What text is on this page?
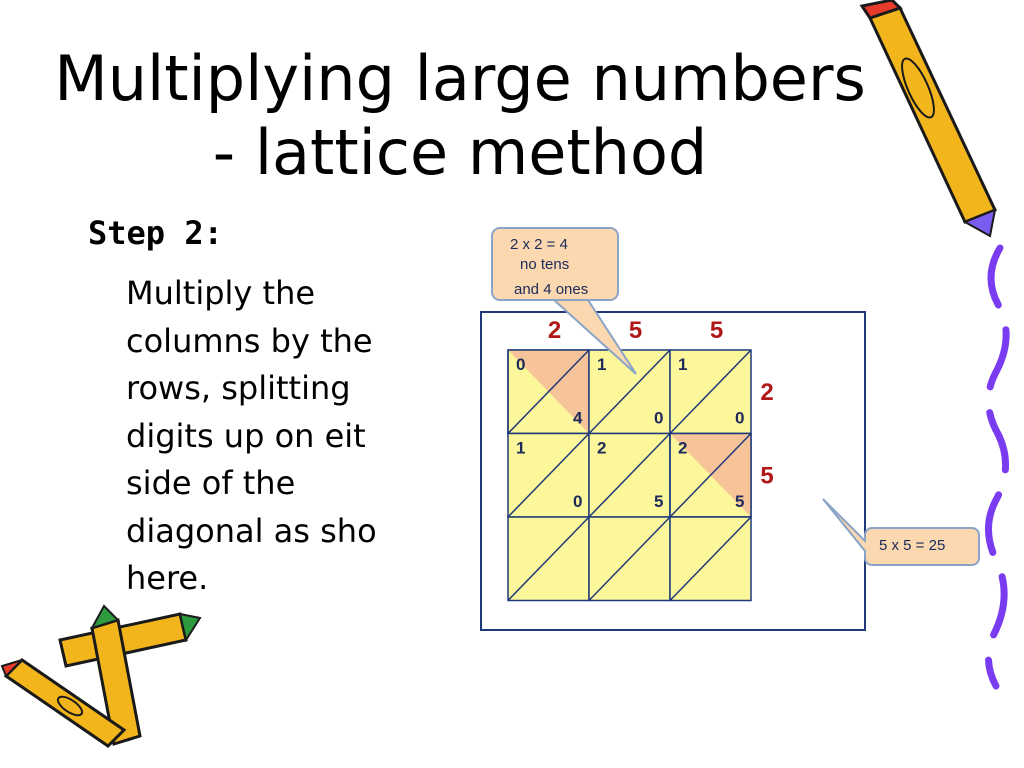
Multiplying large numbers
- lattice method
Step 2:
Multiply the
columns by the
rows, splitting
digits up on eit
side of the
diagonal as sho
here.
0
4
1
0
1
0
1
0
2
5
2
5
2	5	5
2
5
2 x 2 = 4
no tens
and 4 ones
5 x 5 = 25
